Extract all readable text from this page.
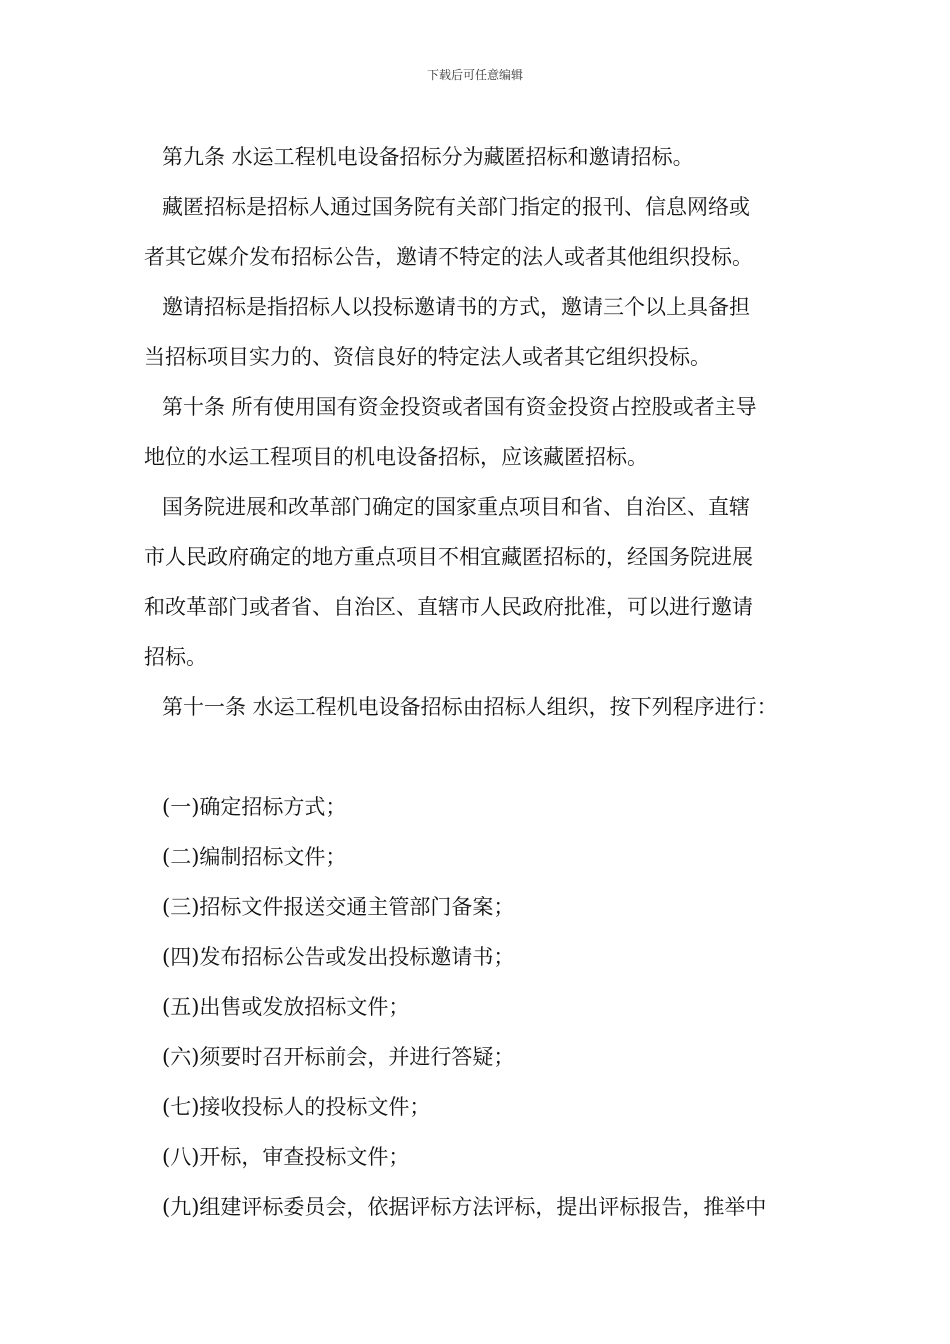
下载后可任意编辑
第九条 水运工程机电设备招标分为藏匿招标和邀请招标。
藏匿招标是招标人通过国务院有关部门指定的报刊、信息网络或
者其它媒介发布招标公告，邀请不特定的法人或者其他组织投标。
邀请招标是指招标人以投标邀请书的方式，邀请三个以上具备担
当招标项目实力的、资信良好的特定法人或者其它组织投标。
第十条 所有使用国有资金投资或者国有资金投资占控股或者主导
地位的水运工程项目的机电设备招标，应该藏匿招标。
国务院进展和改革部门确定的国家重点项目和省、自治区、直辖
市人民政府确定的地方重点项目不相宜藏匿招标的，经国务院进展
和改革部门或者省、自治区、直辖市人民政府批准，可以进行邀请
招标。
第十一条 水运工程机电设备招标由招标人组织，按下列程序进行：
(一)确定招标方式；
(二)编制招标文件；
(三)招标文件报送交通主管部门备案；
(四)发布招标公告或发出投标邀请书；
(五)出售或发放招标文件；
(六)须要时召开标前会，并进行答疑；
(七)接收投标人的投标文件；
(八)开标，审查投标文件；
(九)组建评标委员会，依据评标方法评标，提出评标报告，推举中
